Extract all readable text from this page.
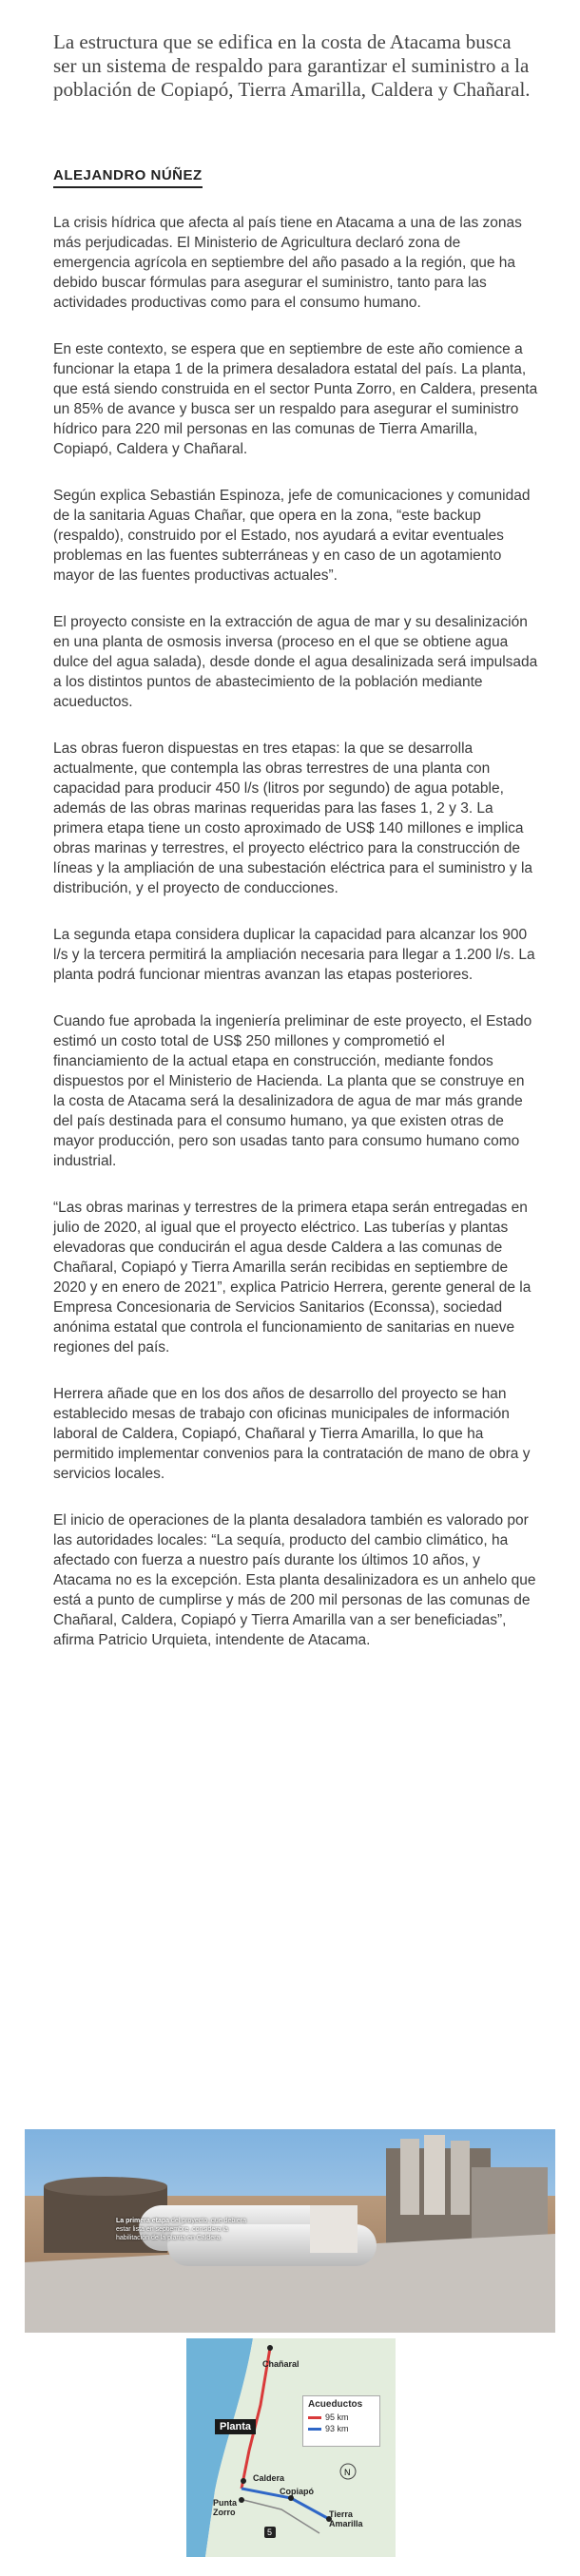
La estructura que se edifica en la costa de Atacama busca ser un sistema de respaldo para garantizar el suministro a la población de Copiapó, Tierra Amarilla, Caldera y Chañaral.

ALEJANDRO NÚÑEZ

La crisis hídrica que afecta al país tiene en Atacama a una de las zonas más perjudicadas. El Ministerio de Agricultura declaró zona de emergencia agrícola en septiembre del año pasado a la región, que ha debido buscar fórmulas para asegurar el suministro, tanto para las actividades productivas como para el consumo humano.

En este contexto, se espera que en septiembre de este año comience a funcionar la etapa 1 de la primera desaladora estatal del país. La planta, que está siendo construida en el sector Punta Zorro, en Caldera, presenta un 85% de avance y busca ser un respaldo para asegurar el suministro hídrico para 220 mil personas en las comunas de Tierra Amarilla, Copiapó, Caldera y Chañaral.

Según explica Sebastián Espinoza, jefe de comunicaciones y comunidad de la sanitaria Aguas Chañar, que opera en la zona, “este backup (respaldo), construido por el Estado, nos ayudará a evitar eventuales problemas en las fuentes subterráneas y en caso de un agotamiento mayor de las fuentes productivas actuales”.

El proyecto consiste en la extracción de agua de mar y su desalinización en una planta de osmosis inversa (proceso en el que se obtiene agua dulce del agua salada), desde donde el agua desalinizada será impulsada a los distintos puntos de abastecimiento de la población mediante acueductos.

Las obras fueron dispuestas en tres etapas: la que se desarrolla actualmente, que contempla las obras terrestres de una planta con capacidad para producir 450 l/s (litros por segundo) de agua potable, además de las obras marinas requeridas para las fases 1, 2 y 3. La primera etapa tiene un costo aproximado de US$ 140 millones e implica obras marinas y terrestres, el proyecto eléctrico para la construcción de líneas y la ampliación de una subestación eléctrica para el suministro y la distribución, y el proyecto de conducciones.

La segunda etapa considera duplicar la capacidad para alcanzar los 900 l/s y la tercera permitirá la ampliación necesaria para llegar a 1.200 l/s. La planta podrá funcionar mientras avanzan las etapas posteriores.

Cuando fue aprobada la ingeniería preliminar de este proyecto, el Estado estimó un costo total de US$ 250 millones y comprometió el financiamiento de la actual etapa en construcción, mediante fondos dispuestos por el Ministerio de Hacienda. La planta que se construye en la costa de Atacama será la desalinizadora de agua de mar más grande del país destinada para el consumo humano, ya que existen otras de mayor producción, pero son usadas tanto para consumo humano como industrial.

“Las obras marinas y terrestres de la primera etapa serán entregadas en julio de 2020, al igual que el proyecto eléctrico. Las tuberías y plantas elevadoras que conducirán el agua desde Caldera a las comunas de Chañaral, Copiapó y Tierra Amarilla serán recibidas en septiembre de 2020 y en enero de 2021”, explica Patricio Herrera, gerente general de la Empresa Concesionaria de Servicios Sanitarios (Econssa), sociedad anónima estatal que controla el funcionamiento de sanitarias en nueve regiones del país.

Herrera añade que en los dos años de desarrollo del proyecto se han establecido mesas de trabajo con oficinas municipales de información laboral de Caldera, Copiapó, Chañaral y Tierra Amarilla, lo que ha permitido implementar convenios para la contratación de mano de obra y servicios locales.

El inicio de operaciones de la planta desaladora también es valorado por las autoridades locales: “La sequía, producto del cambio climático, ha afectado con fuerza a nuestro país durante los últimos 10 años, y Atacama no es la excepción. Esta planta desalinizadora es un anhelo que está a punto de cumplirse y más de 200 mil personas de las comunas de Chañaral, Caldera, Copiapó y Tierra Amarilla van a ser beneficiadas”, afirma Patricio Urquieta, intendente de Atacama.

La primera etapa del proyecto, que debiera estar lista en septiembre, considera la habilitación de la planta en Caldera.
N
5
Chañaral
Caldera
Copiapó
Punta Zorro	Tierra Amarilla
Planta
Acueductos
95 km
93 km
